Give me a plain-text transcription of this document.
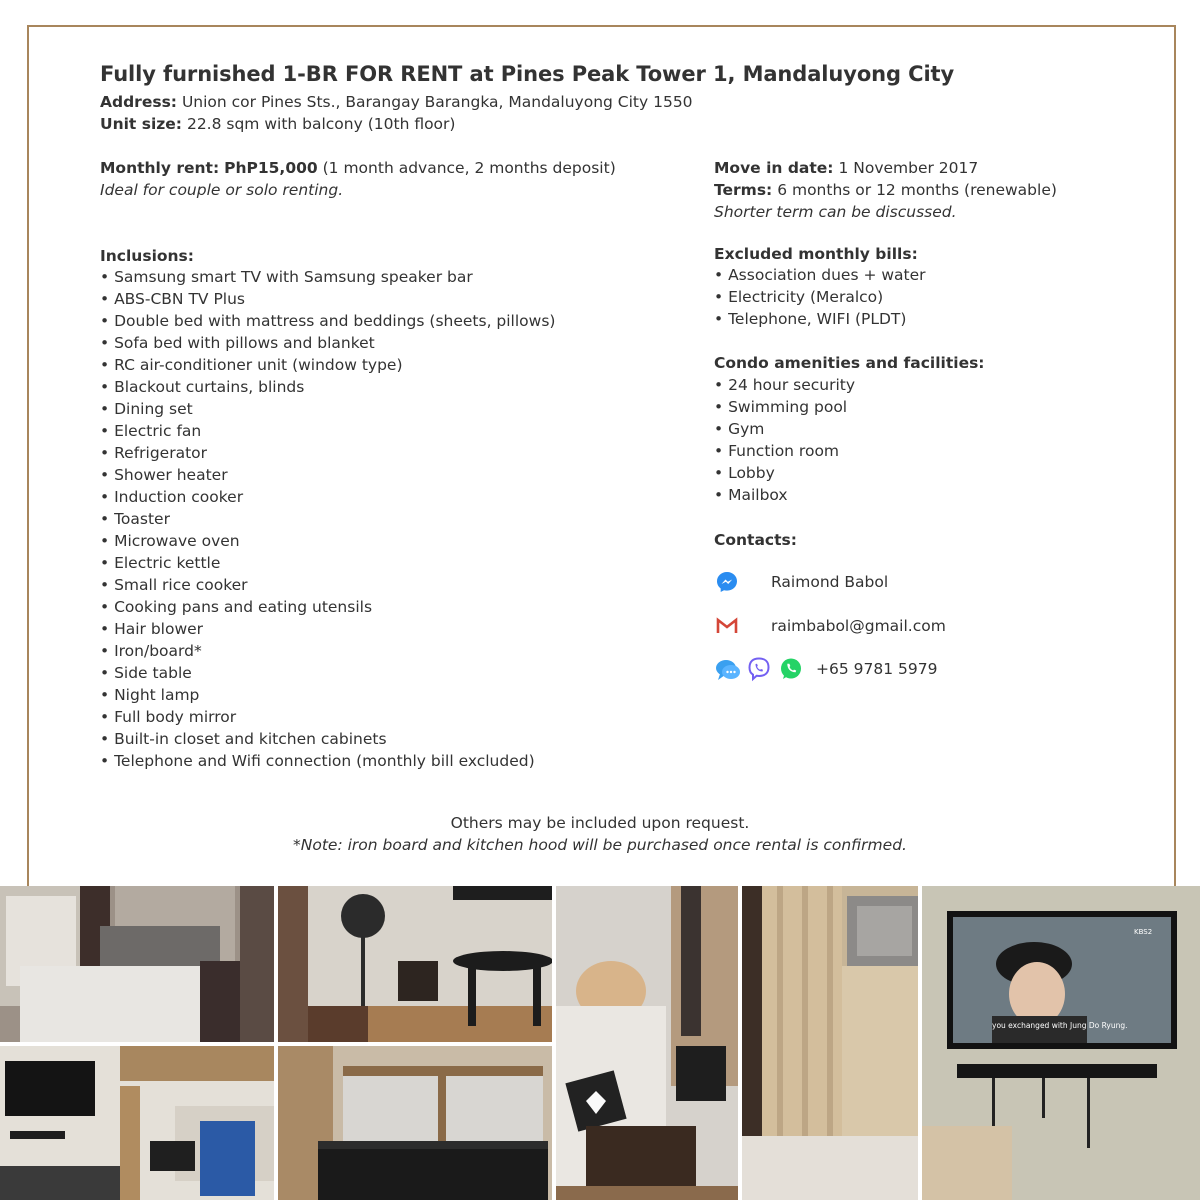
Fully furnished 1-BR FOR RENT at Pines Peak Tower 1, Mandaluyong City
Address: Union cor Pines Sts., Barangay Barangka, Mandaluyong City 1550
Unit size: 22.8 sqm with balcony (10th floor)
Monthly rent: PhP15,000 (1 month advance, 2 months deposit)
Ideal for couple or solo renting.
Inclusions:
• Samsung smart TV with Samsung speaker bar
• ABS-CBN TV Plus
• Double bed with mattress and beddings (sheets, pillows)
• Sofa bed with pillows and blanket
• RC air-conditioner unit (window type)
• Blackout curtains, blinds
• Dining set
• Electric fan
• Refrigerator
• Shower heater
• Induction cooker
• Toaster
• Microwave oven
• Electric kettle
• Small rice cooker
• Cooking pans and eating utensils
• Hair blower
• Iron/board*
• Side table
• Night lamp
• Full body mirror
• Built-in closet and kitchen cabinets
• Telephone and Wifi connection (monthly bill excluded)
Move in date: 1 November 2017
Terms: 6 months or 12 months (renewable)
Shorter term can be discussed.
Excluded monthly bills:
• Association dues + water
• Electricity (Meralco)
• Telephone, WIFI (PLDT)
Condo amenities and facilities:
• 24 hour security
• Swimming pool
• Gym
• Function room
• Lobby
• Mailbox
Contacts:
Raimond Babol
raimbabol@gmail.com
+65 9781 5979
Others may be included upon request.
*Note: iron board and kitchen hood will be purchased once rental is confirmed.
KBS2
you exchanged with Jung Do Ryung.
